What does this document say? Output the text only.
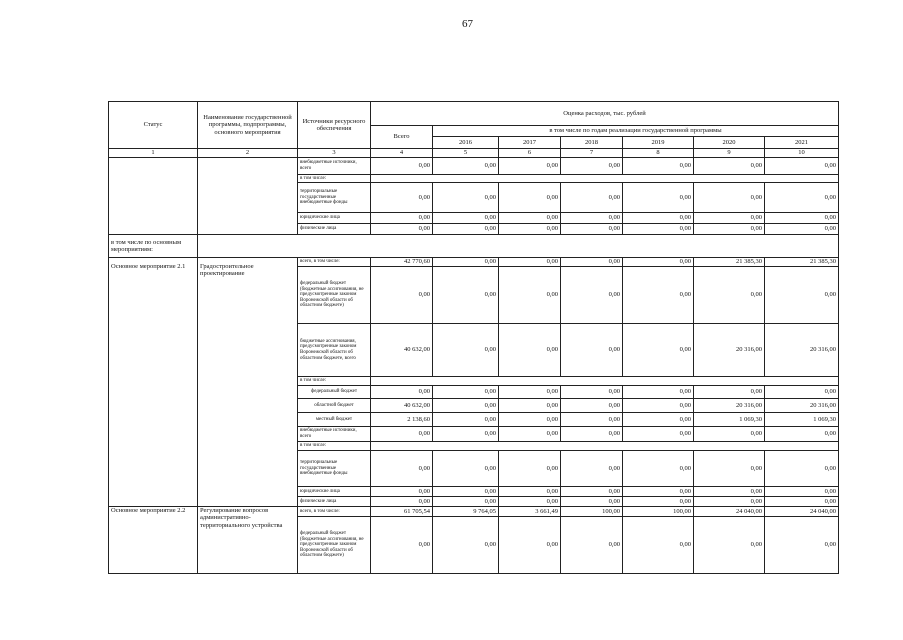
67
Статус	Наименование государственной программы, подпрограммы, основного мероприятия	Источники ресурсного обеспечения	Оценка расходов, тыс. рублей						
			Всего	в том числе по годам реализации государственной программы					
				2016	2017	2018	2019	2020	2021
1	2	3	4	5	6	7	8	9	10
		внебюджетные источники, всего	0,00	0,00	0,00	0,00	0,00	0,00	0,00
		в том числе:							
		территориальные государственные внебюджетные фонды	0,00	0,00	0,00	0,00	0,00	0,00	0,00
		юридические лица	0,00	0,00	0,00	0,00	0,00	0,00	0,00
		физические лица	0,00	0,00	0,00	0,00	0,00	0,00	0,00
в том числе по основным мероприятиям:									
Основное мероприятие 2.1	Градостроительное проектирование	всего, в том числе:	42 770,60	0,00	0,00	0,00	0,00	21 385,30	21 385,30
		федеральный бюджет (бюджетные ассигнования, не предусмотренные законом Воронежской области об областном бюджете)	0,00	0,00	0,00	0,00	0,00	0,00	0,00
		бюджетные ассигнования, предусмотренные законом Воронежской области об областном бюджете, всего	40 632,00	0,00	0,00	0,00	0,00	20 316,00	20 316,00
		в том числе:							
		федеральный бюджет	0,00	0,00	0,00	0,00	0,00	0,00	0,00
		областной бюджет	40 632,00	0,00	0,00	0,00	0,00	20 316,00	20 316,00
		местный бюджет	2 138,60	0,00	0,00	0,00	0,00	1 069,30	1 069,30
		внебюджетные источники, всего	0,00	0,00	0,00	0,00	0,00	0,00	0,00
		в том числе:							
		территориальные государственные внебюджетные фонды	0,00	0,00	0,00	0,00	0,00	0,00	0,00
		юридические лица	0,00	0,00	0,00	0,00	0,00	0,00	0,00
		физические лица	0,00	0,00	0,00	0,00	0,00	0,00	0,00
Основное мероприятие 2.2	Регулирование вопросов административно-территориального устройства	всего, в том числе:	61 705,54	9 764,05	3 661,49	100,00	100,00	24 040,00	24 040,00
		федеральный бюджет (бюджетные ассигнования, не предусмотренные законом Воронежской области об областном бюджете)	0,00	0,00	0,00	0,00	0,00	0,00	0,00
